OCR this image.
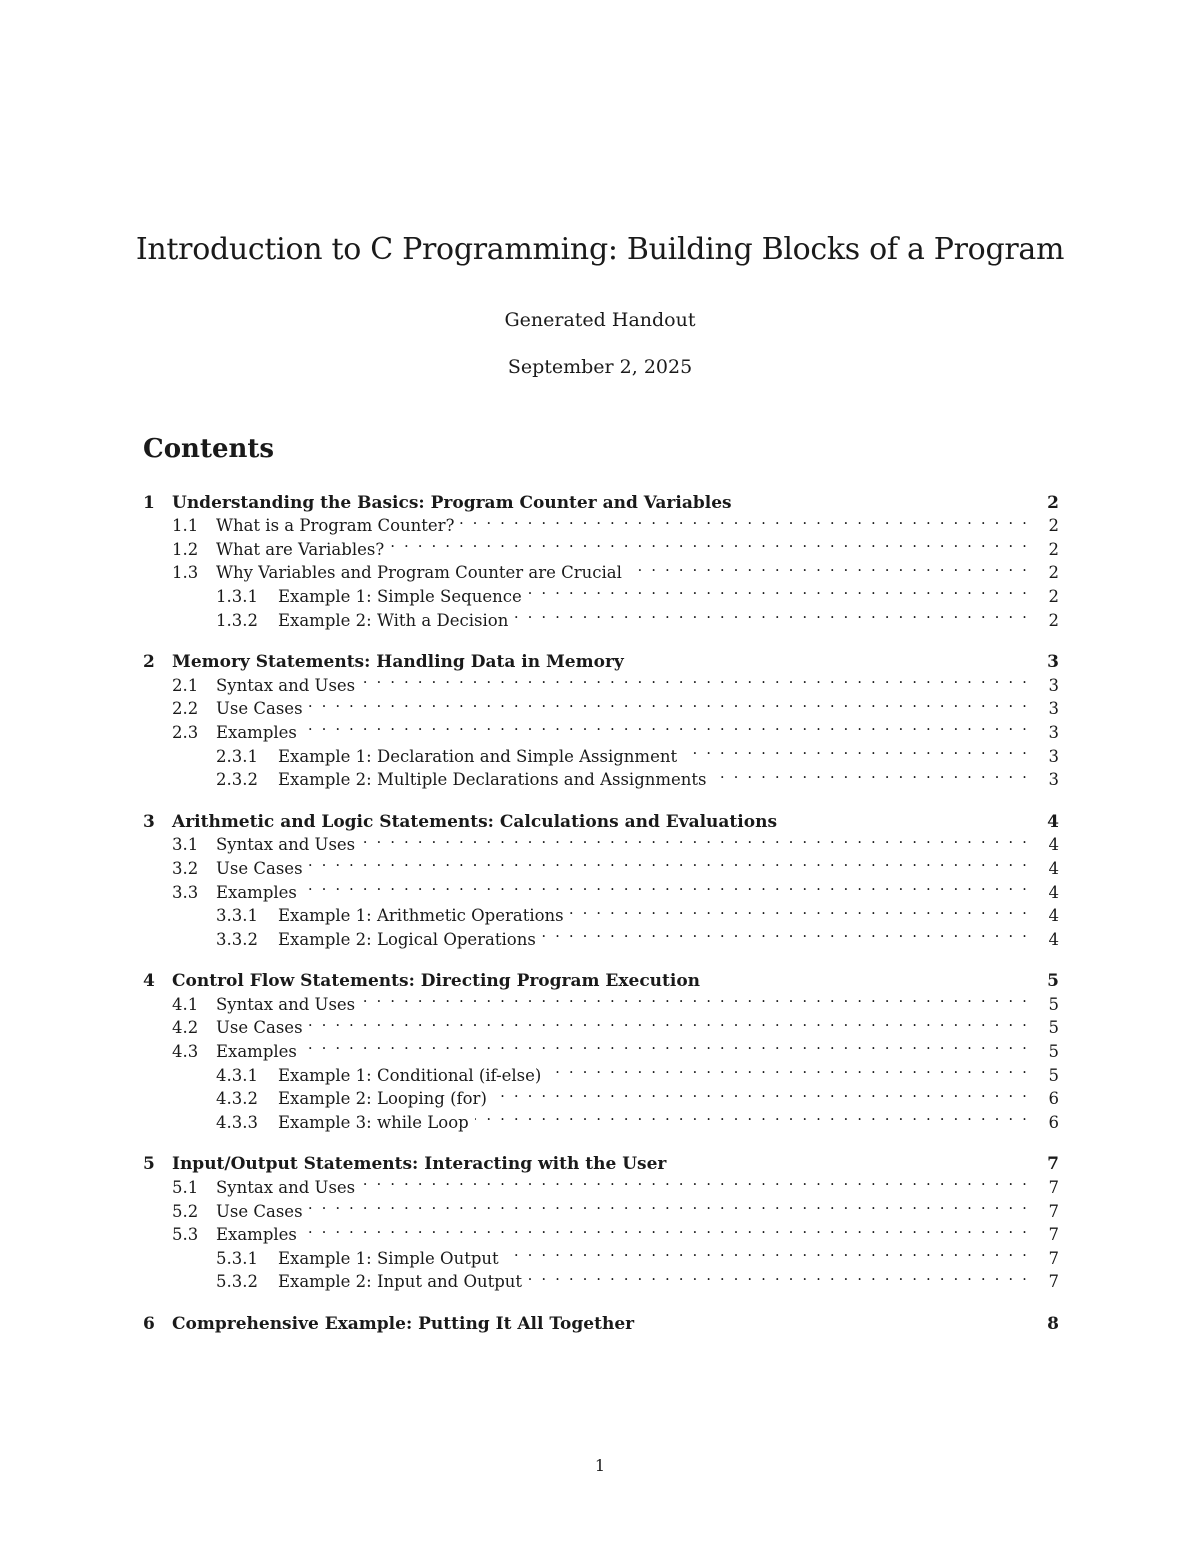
Introduction to C Programming: Building Blocks of a Program
Generated Handout
September 2, 2025
Contents
1	Understanding the Basics: Program Counter and Variables	2
1.1	What is a Program Counter? . . .	2
1.2	What are Variables? . . .	2
1.3	Why Variables and Program Counter are Crucial . . .	2
1.3.1	Example 1: Simple Sequence . . .	2
1.3.2	Example 2: With a Decision . . .	2
2	Memory Statements: Handling Data in Memory	3
2.1	Syntax and Uses . . .	3
2.2	Use Cases . . .	3
2.3	Examples . . .	3
2.3.1	Example 1: Declaration and Simple Assignment . . .	3
2.3.2	Example 2: Multiple Declarations and Assignments . . .	3
3	Arithmetic and Logic Statements: Calculations and Evaluations	4
3.1	Syntax and Uses . . .	4
3.2	Use Cases . . .	4
3.3	Examples . . .	4
3.3.1	Example 1: Arithmetic Operations . . .	4
3.3.2	Example 2: Logical Operations . . .	4
4	Control Flow Statements: Directing Program Execution	5
4.1	Syntax and Uses . . .	5
4.2	Use Cases . . .	5
4.3	Examples . . .	5
4.3.1	Example 1: Conditional (if-else) . . .	5
4.3.2	Example 2: Looping (for) . . .	6
4.3.3	Example 3: while Loop . . .	6
5	Input/Output Statements: Interacting with the User	7
5.1	Syntax and Uses . . .	7
5.2	Use Cases . . .	7
5.3	Examples . . .	7
5.3.1	Example 1: Simple Output . . .	7
5.3.2	Example 2: Input and Output . . .	7
6	Comprehensive Example: Putting It All Together	8
1
